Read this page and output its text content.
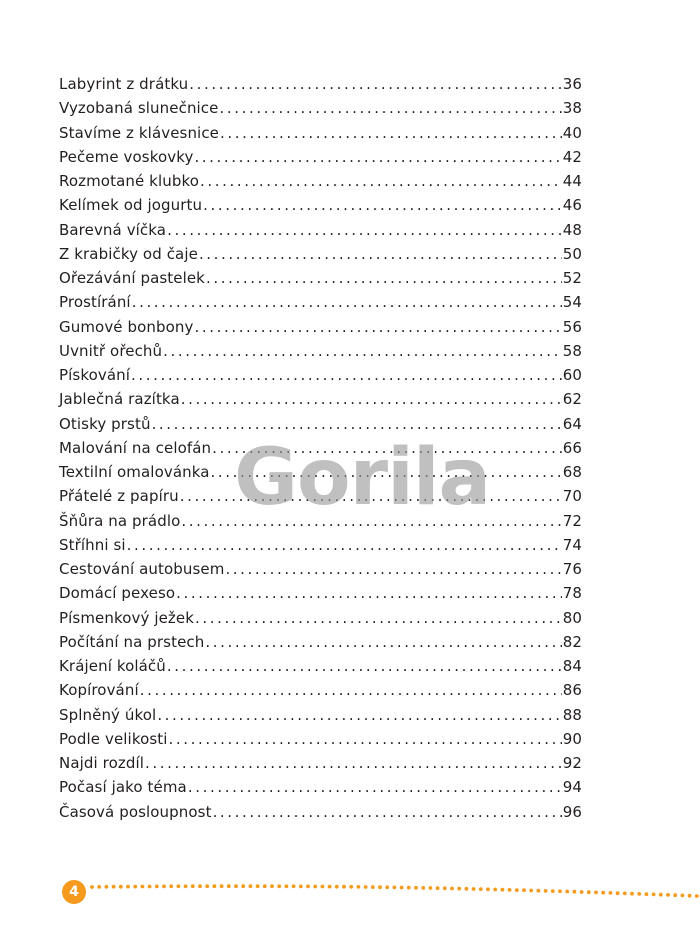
Labyrint z drátku .....	36
Vyzobaná slunečnice .....	38
Stavíme z klávesnice .....	40
Pečeme voskovky .....	42
Rozmotané klubko .....	44
Kelímek od jogurtu .....	46
Barevná víčka .....	48
Z krabičky od čaje .....	50
Ořezávání pastelek .....	52
Prostírání .....	54
Gumové bonbony .....	56
Uvnitř ořechů .....	58
Pískování .....	60
Jablečná razítka .....	62
Otisky prstů .....	64
Malování na celofán .....	66
Textilní omalovánka .....	68
Přátelé z papíru .....	70
Šňůra na prádlo .....	72
Stříhni si .....	74
Cestování autobusem .....	76
Domácí pexeso .....	78
Písmenkový ježek .....	80
Počítání na prstech .....	82
Krájení koláčů .....	84
Kopírování .....	86
Splněný úkol .....	88
Podle velikosti .....	90
Najdi rozdíl .....	92
Počasí jako téma .....	94
Časová posloupnost .....	96
Gorila
4
